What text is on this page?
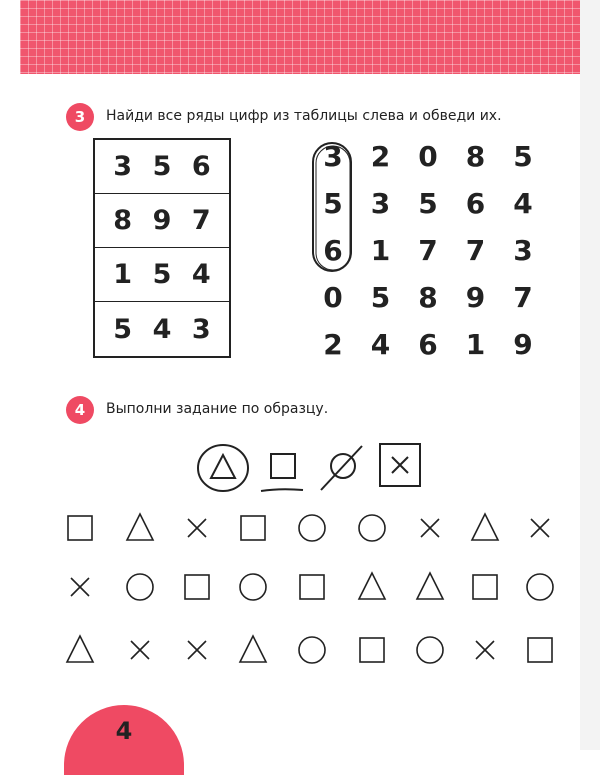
3 Найди все ряды цифр из таблицы слева и обведи их.
3 5 6
8 9 7
1 5 4
5 4 3
3 2 0 8 5
5 3 5 6 4
6 1 7 7 3
0 5 8 9 7
2 4 6 1 9
4 Выполни задание по образцу.
4
